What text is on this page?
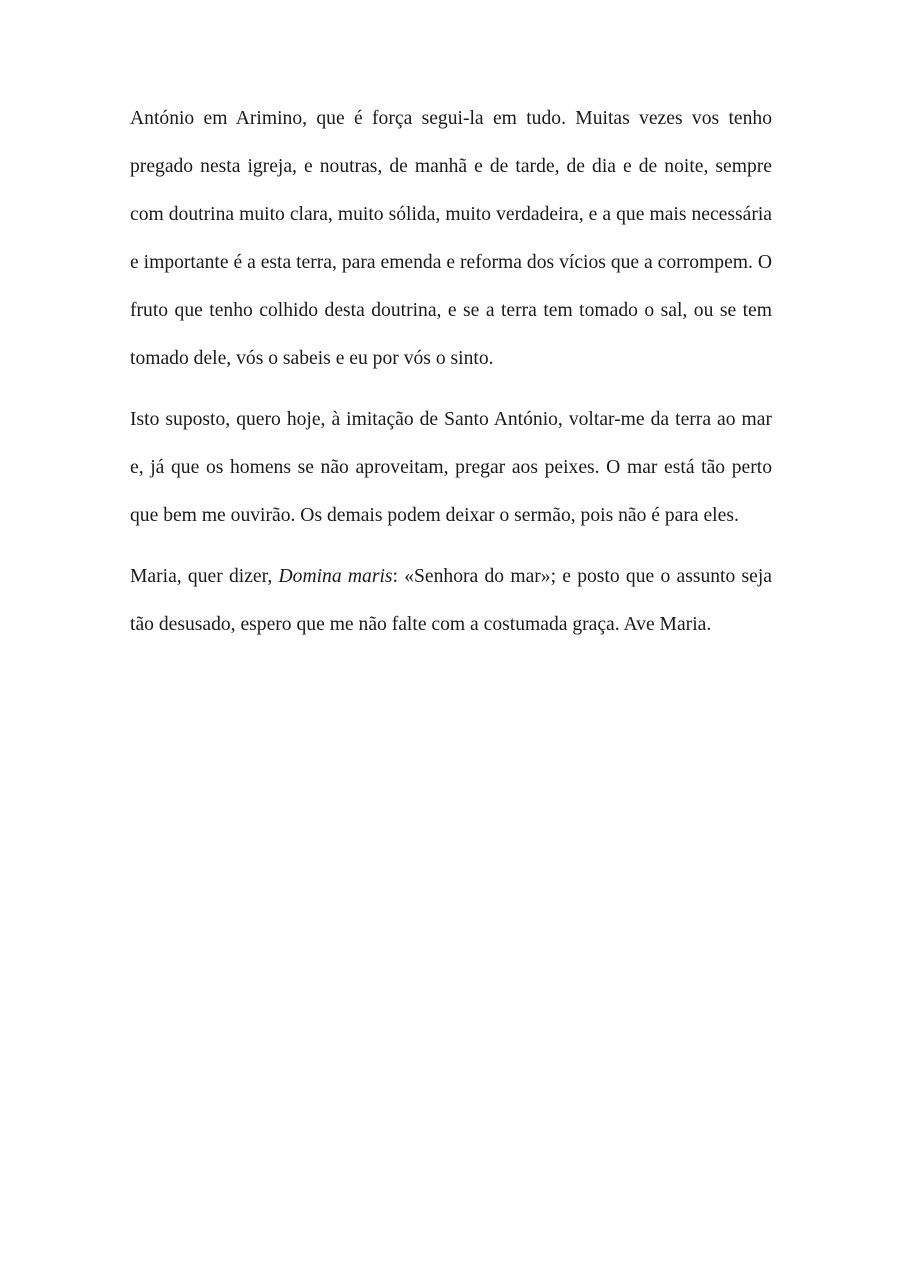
António em Arimino, que é força segui-la em tudo. Muitas vezes vos tenho pregado nesta igreja, e noutras, de manhã e de tarde, de dia e de noite, sempre com doutrina muito clara, muito sólida, muito verdadeira, e a que mais necessária e importante é a esta terra, para emenda e reforma dos vícios que a corrompem. O fruto que tenho colhido desta doutrina, e se a terra tem tomado o sal, ou se tem tomado dele, vós o sabeis e eu por vós o sinto.

Isto suposto, quero hoje, à imitação de Santo António, voltar-me da terra ao mar e, já que os homens se não aproveitam, pregar aos peixes. O mar está tão perto que bem me ouvirão. Os demais podem deixar o sermão, pois não é para eles.

Maria, quer dizer, Domina maris: «Senhora do mar»; e posto que o assunto seja tão desusado, espero que me não falte com a costumada graça. Ave Maria.
